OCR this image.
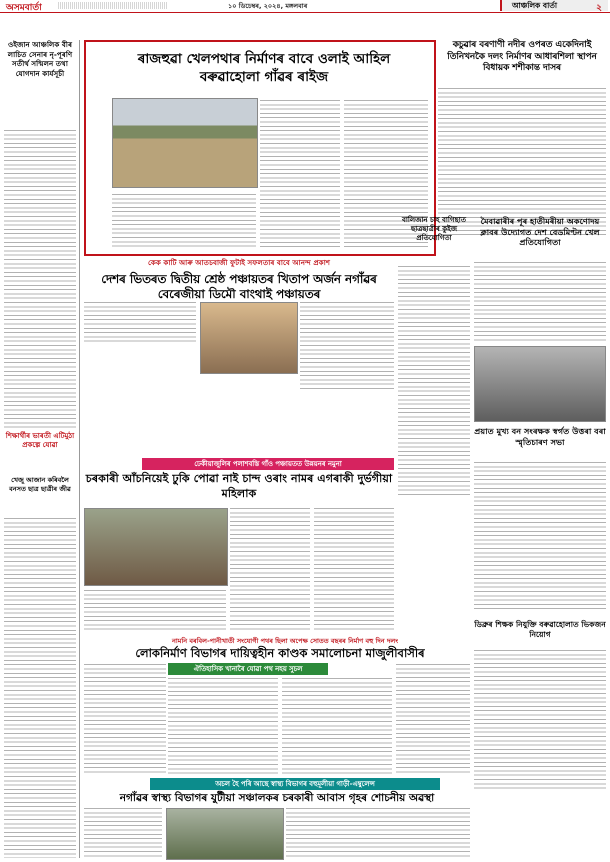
অসমবাৰ্তা	১০ ডিচেম্বৰ, ২০২৪, মঙ্গলবাৰ	আঞ্চলিক বাৰ্তা	২
ওইজান আঞ্চলিক বীৰ লাচিত সেনাৰ নৃ-পূৰণি সতীৰ্থ সন্মিলন তথা যোগদান কাৰ্যসূচী
শিক্ষাৰ্থীৰ ভাৰতী এটিমুঠা প্ৰকল্পে যোৱা
খেজু আজান কৰিবলৈ বনসত ছাত্ৰ ছাত্ৰীৰ জীৱ
ৰাজহুৱা খেলপথাৰ নিৰ্মাণৰ বাবে ওলাই আহিল বৰুৱাহোলা গাঁৱৰ ৰাইজ
কচুৱাৰ বৰণাণী নদীৰ ওপৰত একেদিনাই তিনিখনকৈ দলং নিৰ্মাণৰ আধাৰশিলা স্থাপন বিধায়ক শশীকান্ত দাসৰ
কেক কাটি আৰু আতচবাজী ফুটাই সফলতাৰ বাবে আনন্দ প্ৰকাশ
দেশৰ ভিতৰত দ্বিতীয় শ্ৰেষ্ঠ পঞ্চায়তৰ খিতাপ অৰ্জন নগাঁৱৰ বেৰেজীয়া ডিমৌ বাংথাই পঞ্চায়তৰ
বালিজান চাহ বাগিছাত ছাত্ৰছাত্ৰীৰ কুইজ প্ৰতিযোগিতা
মৈবাৱাৰীৰ পূৰ হাতীমৰীয়া অকণোদয় ক্লাবৰ উদ্যোগত দেশ বেডমিণ্টন খেল প্ৰতিযোগিতা
ঢেকীয়াজুলিৰ পলাশবস্তি গাঁও পঞ্চায়তত উন্নয়নৰ নমুনা
চৰকাৰী আঁচনিয়েই ঢুকি পোৱা নাই চান্দ ওৰাং নামৰ এগৰাকী দুৰ্ভগীয়া মহিলাক
প্ৰয়াত মুখ্য বন সংৰক্ষক স্বৰ্গত উত্তৰা বৰা স্মৃতিচাৰণ সভা
নামনি বৰবিল-পানীখাতী সংযোগী পথৰ ছিলা অপেক্ষ সোতত বছৰৰ নিৰ্মাণ বহু দিন দলং
লোকনিৰ্মাণ বিভাগৰ দায়িত্বহীন কাণ্ডক সমালোচনা মাজুলীবাসীৰ
ঐতিহাসিক খানাৰৈ যোৱা পথ নহয় সুচল
ডিব্ৰুৰ শিক্ষক নিযুক্তি বৰুৱাহোলাত ভিকজন নিয়োগ
অচল হৈ পৰি আছে স্বাস্থ্য বিভাগৰ বহুমূলীয়া গাড়ী-এম্বুলেন্স
নগাঁৱৰ স্বাস্থ্য বিভাগৰ যুটীয়া সঞ্চালকৰ চৰকাৰী আবাস গৃহৰ শোচনীয় অৱস্থা
